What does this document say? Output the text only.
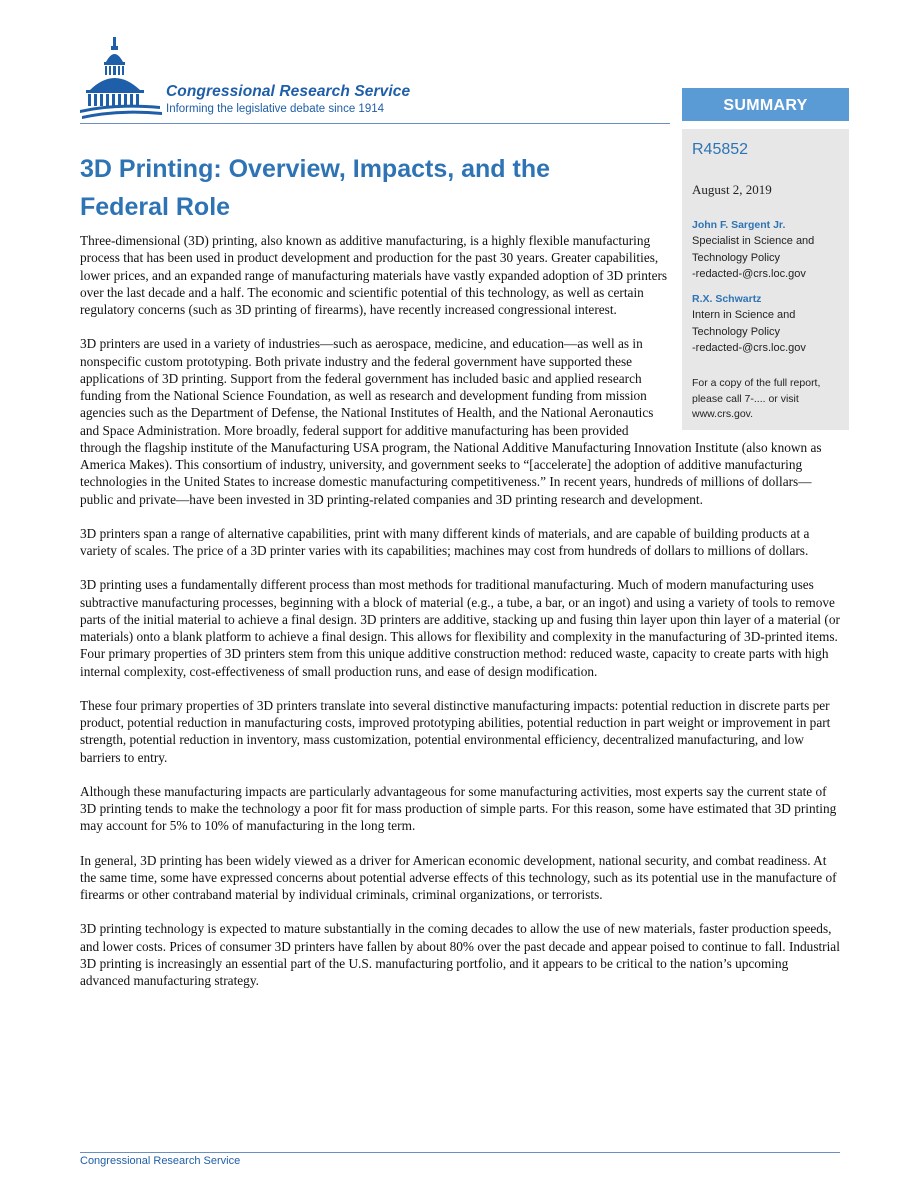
Congressional Research Service
Informing the legislative debate since 1914	SUMMARY
R45852
August 2, 2019
John F. Sargent Jr.
Specialist in Science and
Technology Policy
-redacted-@crs.loc.gov
R.X. Schwartz
Intern in Science and
Technology Policy
-redacted-@crs.loc.gov
For a copy of the full report, please call 7-.... or visit www.crs.gov.
3D Printing: Overview, Impacts, and the Federal Role

Three-dimensional (3D) printing, also known as additive manufacturing, is a highly flexible manufacturing process that has been used in product development and production for the past 30 years. Greater capabilities, lower prices, and an expanded range of manufacturing materials have vastly expanded adoption of 3D printers over the last decade and a half. The economic and scientific potential of this technology, as well as certain regulatory concerns (such as 3D printing of firearms), have recently increased congressional interest.

3D printers are used in a variety of industries—such as aerospace, medicine, and education—as well as in nonspecific custom prototyping. Both private industry and the federal government have supported these applications of 3D printing. Support from the federal government has included basic and applied research funding from the National Science Foundation, as well as research and development funding from mission agencies such as the Department of Defense, the National Institutes of Health, and the National Aeronautics and Space Administration. More broadly, federal support for additive manufacturing has been provided through the flagship institute of the Manufacturing USA program, the National Additive Manufacturing Innovation Institute (also known as America Makes). This consortium of industry, university, and government seeks to “[accelerate] the adoption of additive manufacturing technologies in the United States to increase domestic manufacturing competitiveness.” In recent years, hundreds of millions of dollars—public and private—have been invested in 3D printing-related companies and 3D printing research and development.

3D printers span a range of alternative capabilities, print with many different kinds of materials, and are capable of building products at a variety of scales. The price of a 3D printer varies with its capabilities; machines may cost from hundreds of dollars to millions of dollars.

3D printing uses a fundamentally different process than most methods for traditional manufacturing. Much of modern manufacturing uses subtractive manufacturing processes, beginning with a block of material (e.g., a tube, a bar, or an ingot) and using a variety of tools to remove parts of the initial material to achieve a final design. 3D printers are additive, stacking up and fusing thin layer upon thin layer of a material (or materials) onto a blank platform to achieve a final design. This allows for flexibility and complexity in the manufacturing of 3D-printed items. Four primary properties of 3D printers stem from this unique additive construction method: reduced waste, capacity to create parts with high internal complexity, cost-effectiveness of small production runs, and ease of design modification.

These four primary properties of 3D printers translate into several distinctive manufacturing impacts: potential reduction in discrete parts per product, potential reduction in manufacturing costs, improved prototyping abilities, potential reduction in part weight or improvement in part strength, potential reduction in inventory, mass customization, potential environmental efficiency, decentralized manufacturing, and low barriers to entry.

Although these manufacturing impacts are particularly advantageous for some manufacturing activities, most experts say the current state of 3D printing tends to make the technology a poor fit for mass production of simple parts. For this reason, some have estimated that 3D printing may account for 5% to 10% of manufacturing in the long term.

In general, 3D printing has been widely viewed as a driver for American economic development, national security, and combat readiness. At the same time, some have expressed concerns about potential adverse effects of this technology, such as its potential use in the manufacture of firearms or other contraband material by individual criminals, criminal organizations, or terrorists.

3D printing technology is expected to mature substantially in the coming decades to allow the use of new materials, faster production speeds, and lower costs. Prices of consumer 3D printers have fallen by about 80% over the past decade and appear poised to continue to fall. Industrial 3D printing is increasingly an essential part of the U.S. manufacturing portfolio, and it appears to be critical to the nation’s upcoming advanced manufacturing strategy.

Congressional Research Service
